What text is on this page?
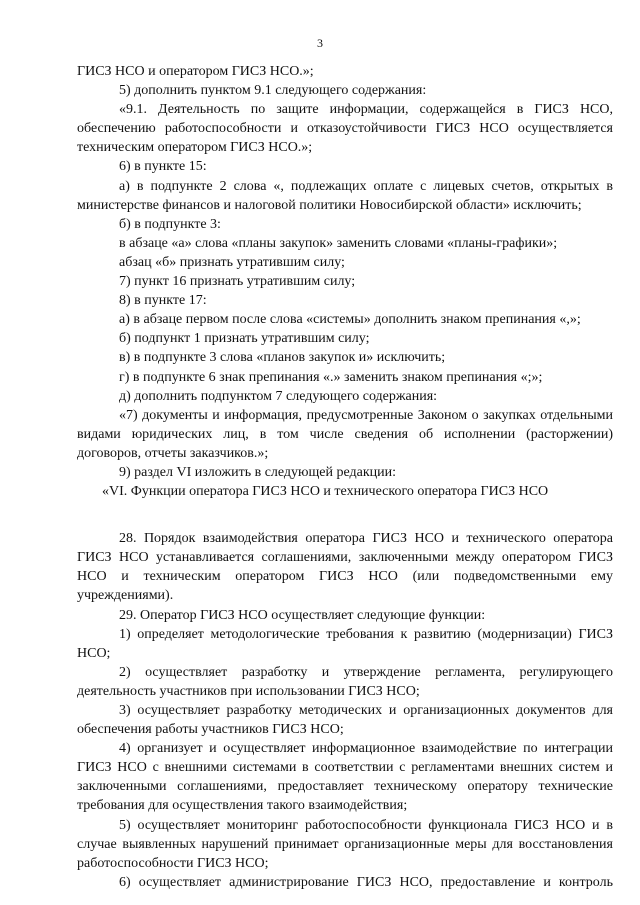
3

ГИСЗ НСО и оператором ГИСЗ НСО.»;

5) дополнить пунктом 9.1 следующего содержания:

«9.1. Деятельность по защите информации, содержащейся в ГИСЗ НСО, обеспечению работоспособности и отказоустойчивости ГИСЗ НСО осуществляется техническим оператором ГИСЗ НСО.»;

6) в пункте 15:

а) в подпункте 2 слова «, подлежащих оплате с лицевых счетов, открытых в министерстве финансов и налоговой политики Новосибирской области» исключить;

б) в подпункте 3:

в абзаце «а» слова «планы закупок» заменить словами «планы-графики»;

абзац «б» признать утратившим силу;

7) пункт 16 признать утратившим силу;

8) в пункте 17:

а) в абзаце первом после слова «системы» дополнить знаком препинания «,»;

б) подпункт 1 признать утратившим силу;

в) в подпункте 3 слова «планов закупок и» исключить;

г) в подпункте 6 знак препинания «.» заменить знаком препинания «;»;

д) дополнить подпунктом 7 следующего содержания:

«7) документы и информация, предусмотренные Законом о закупках отдельными видами юридических лиц, в том числе сведения об исполнении (расторжении) договоров, отчеты заказчиков.»;

9) раздел VI изложить в следующей редакции:

«VI. Функции оператора ГИСЗ НСО и технического оператора ГИСЗ НСО

28. Порядок взаимодействия оператора ГИСЗ НСО и технического оператора ГИСЗ НСО устанавливается соглашениями, заключенными между оператором ГИСЗ НСО и техническим оператором ГИСЗ НСО (или подведомственными ему учреждениями).

29. Оператор ГИСЗ НСО осуществляет следующие функции:

1) определяет методологические требования к развитию (модернизации) ГИСЗ НСО;

2) осуществляет разработку и утверждение регламента, регулирующего деятельность участников при использовании ГИСЗ НСО;

3) осуществляет разработку методических и организационных документов для обеспечения работы участников ГИСЗ НСО;

4) организует и осуществляет информационное взаимодействие по интеграции ГИСЗ НСО с внешними системами в соответствии с регламентами внешних систем и заключенными соглашениями, предоставляет техническому оператору технические требования для осуществления такого взаимодействия;

5) осуществляет мониторинг работоспособности функционала ГИСЗ НСО и в случае выявленных нарушений принимает организационные меры для восстановления работоспособности ГИСЗ НСО;

6) осуществляет администрирование ГИСЗ НСО, предоставление и контроль
